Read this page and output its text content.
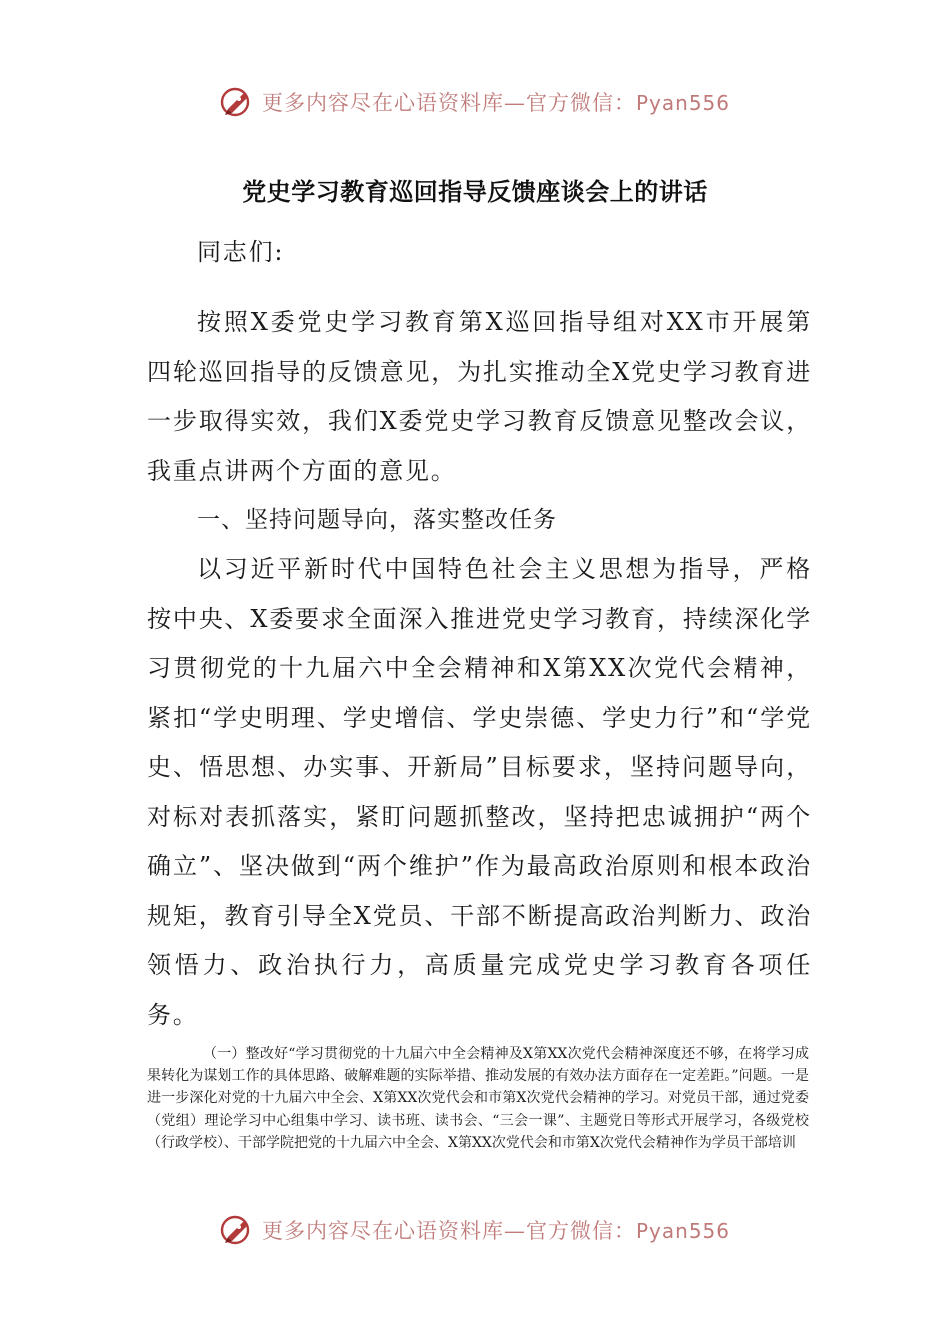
更多内容尽在心语资料库—官方微信：Pyan556
党史学习教育巡回指导反馈座谈会上的讲话

同志们:

按照X委党史学习教育第X巡回指导组对XX市开展第四轮巡回指导的反馈意见，为扎实推动全X党史学习教育进一步取得实效，我们X委党史学习教育反馈意见整改会议，我重点讲两个方面的意见。

一、坚持问题导向，落实整改任务

以习近平新时代中国特色社会主义思想为指导，严格按中央、X委要求全面深入推进党史学习教育，持续深化学习贯彻党的十九届六中全会精神和X第XX次党代会精神，紧扣“学史明理、学史增信、学史崇德、学史力行”和“学党史、悟思想、办实事、开新局”目标要求，坚持问题导向，对标对表抓落实，紧盯问题抓整改，坚持把忠诚拥护“两个确立”、坚决做到“两个维护”作为最高政治原则和根本政治规矩，教育引导全X党员、干部不断提高政治判断力、政治领悟力、政治执行力，高质量完成党史学习教育各项任务。

（一）整改好“学习贯彻党的十九届六中全会精神及X第XX次党代会精神深度还不够，在将学习成果转化为谋划工作的具体思路、破解难题的实际举措、推动发展的有效办法方面存在一定差距。”问题。一是进一步深化对党的十九届六中全会、X第XX次党代会和市第X次党代会精神的学习。对党员干部，通过党委（党组）理论学习中心组集中学习、读书班、读书会、“三会一课”、主题党日等形式开展学习，各级党校（行政学校）、干部学院把党的十九届六中全会、X第XX次党代会和市第X次党代会精神作为学员干部培训

更多内容尽在心语资料库—官方微信：Pyan556
